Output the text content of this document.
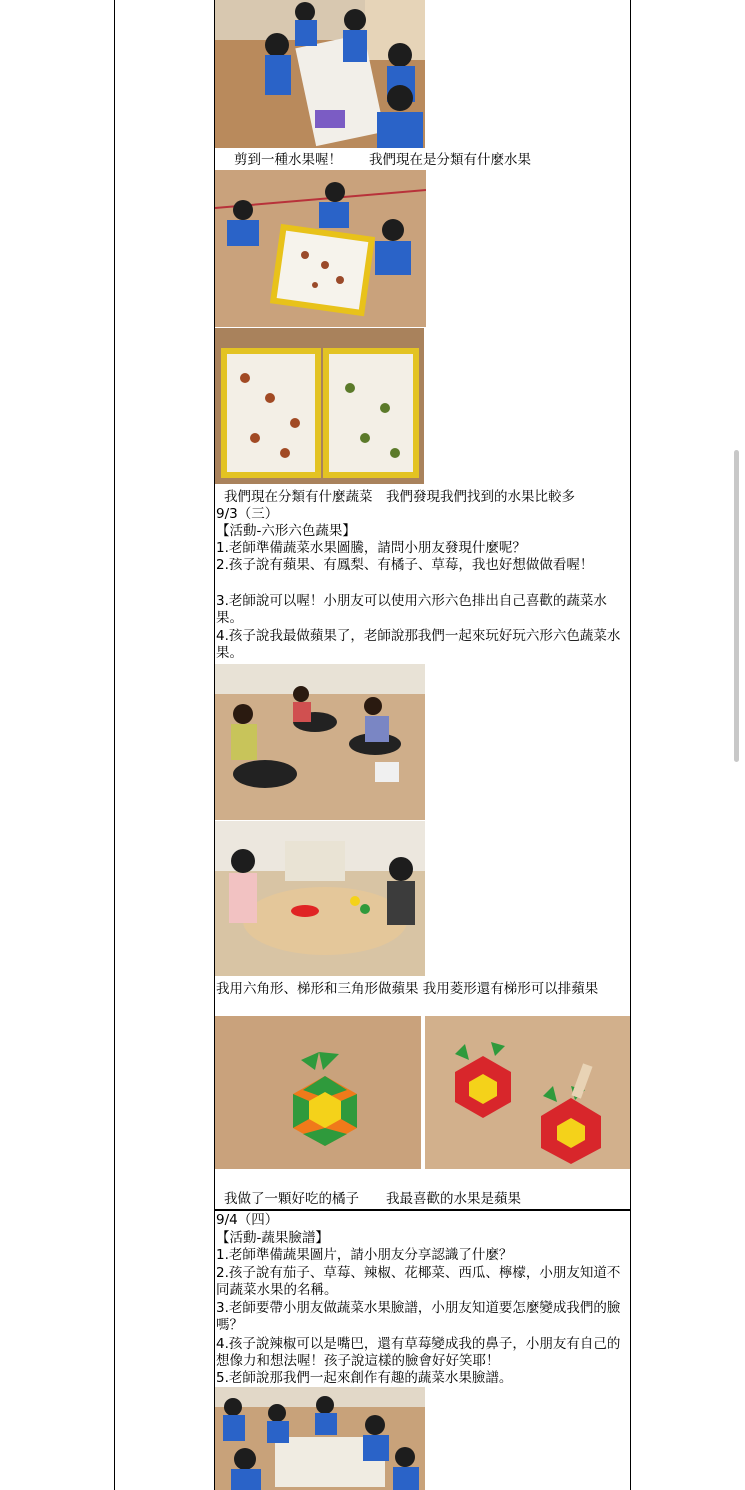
剪到一種水果喔！　　我們現在是分類有什麼水果
我們現在分類有什麼蔬菜　我們發現我們找到的水果比較多
9/3（三）
【活動-六形六色蔬果】
1.老師準備蔬菜水果圖騰，請問小朋友發現什麼呢？
2.孩子說有蘋果、有鳳梨、有橘子、草莓，我也好想做做看喔！
3.老師說可以喔！小朋友可以使用六形六色排出自己喜歡的蔬菜水果。
4.孩子說我最做蘋果了，老師說那我們一起來玩好玩六形六色蔬菜水果。
我用六角形、梯形和三角形做蘋果 我用菱形還有梯形可以排蘋果
我做了一顆好吃的橘子　　我最喜歡的水果是蘋果
9/4（四）
【活動-蔬果臉譜】
1.老師準備蔬果圖片，請小朋友分享認識了什麼？
2.孩子說有茄子、草莓、辣椒、花椰菜、西瓜、檸檬，小朋友知道不同蔬菜水果的名稱。
3.老師要帶小朋友做蔬菜水果臉譜，小朋友知道要怎麼變成我們的臉嗎？
4.孩子說辣椒可以是嘴巴，還有草莓變成我的鼻子，小朋友有自己的想像力和想法喔！孩子說這樣的臉會好好笑耶！
5.老師說那我們一起來創作有趣的蔬菜水果臉譜。
